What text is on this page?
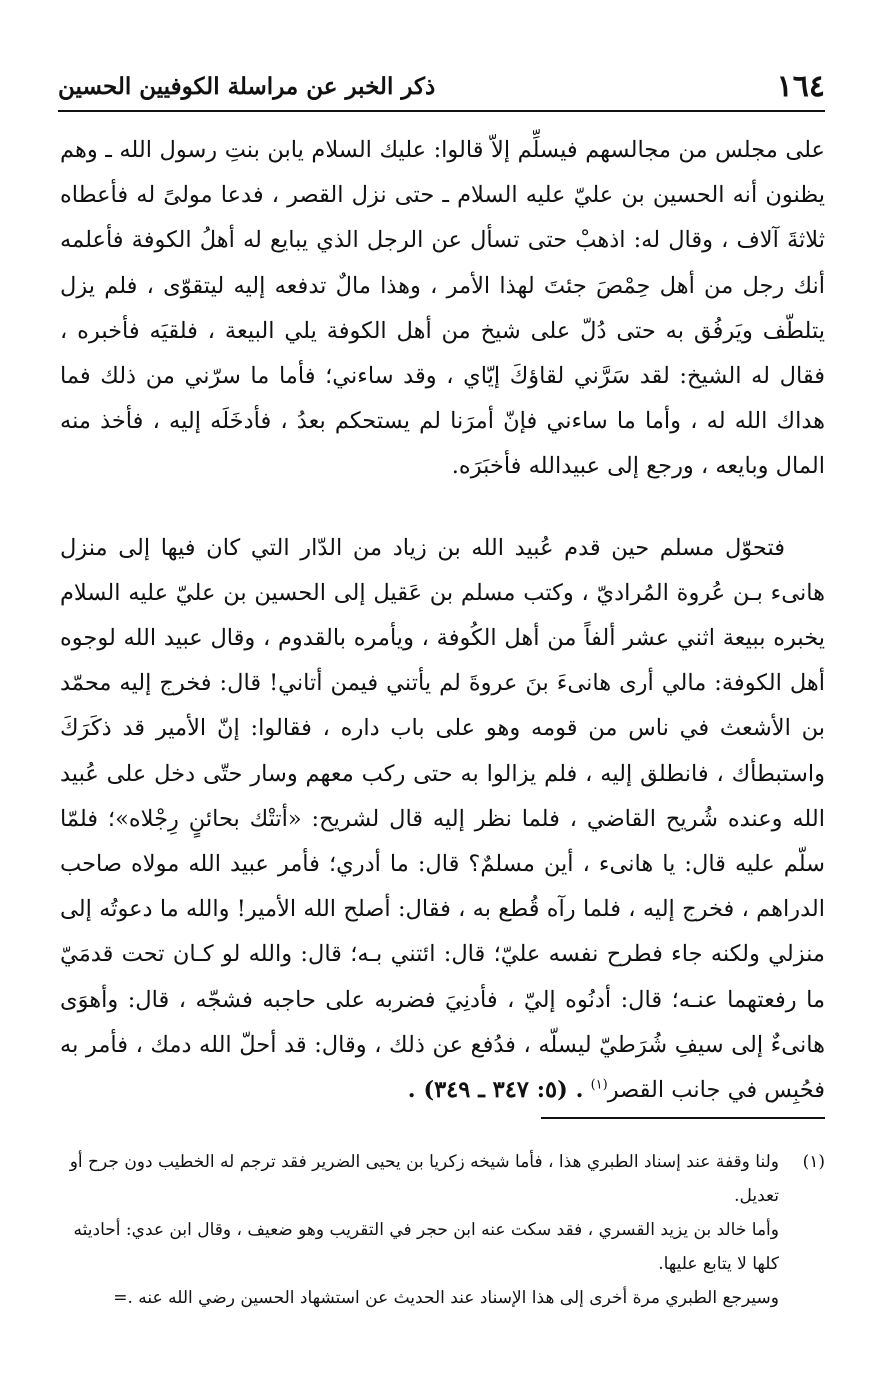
١٦٤
ذكر الخبر عن مراسلة الكوفيين الحسين

على مجلس من مجالسهم فيسلِّم إلاّ قالوا: عليك السلام يابن بنتِ رسول الله ـ وهم يظنون أنه الحسين بن عليّ عليه السلام ـ حتى نزل القصر ، فدعا مولىً له فأعطاه ثلاثةَ آلاف ، وقال له: اذهبْ حتى تسأل عن الرجل الذي يبايع له أهلُ الكوفة فأعلمه أنك رجل من أهل حِمْصَ جئتَ لهذا الأمر ، وهذا مالٌ تدفعه إليه ليتقوّى ، فلم يزل يتلطّف ويَرفُق به حتى دُلّ على شيخ من أهل الكوفة يلي البيعة ، فلقيَه فأخبره ، فقال له الشيخ: لقد سَرَّني لقاؤكَ إيّاي ، وقد ساءني؛ فأما ما سرّني من ذلك فما هداك الله له ، وأما ما ساءني فإنّ أمرَنا لم يستحكم بعدُ ، فأدخَلَه إليه ، فأخذ منه المال وبايعه ، ورجع إلى عبيدالله فأخبَرَه.

فتحوّل مسلم حين قدم عُبيد الله بن زياد من الدّار التي كان فيها إلى منزل هانىء بـن عُروة المُراديّ ، وكتب مسلم بن عَقيل إلى الحسين بن عليّ عليه السلام يخبره ببيعة اثني عشر ألفاً من أهل الكُوفة ، ويأمره بالقدوم ، وقال عبيد الله لوجوه أهل الكوفة: مالي أرى هانىءَ بنَ عروةَ لم يأتني فيمن أتاني! قال: فخرج إليه محمّد بن الأشعث في ناس من قومه وهو على باب داره ، فقالوا: إنّ الأمير قد ذكَرَكَ واستبطأك ، فانطلق إليه ، فلم يزالوا به حتى ركب معهم وسار حتّى دخل على عُبيد الله وعنده شُريح القاضي ، فلما نظر إليه قال لشريح: «أتتْك بحائنٍ رِجْلاه»؛ فلمّا سلّم عليه قال: يا هانىء ، أين مسلمٌ؟ قال: ما أدري؛ فأمر عبيد الله مولاه صاحب الدراهم ، فخرج إليه ، فلما رآه قُطع به ، فقال: أصلح الله الأمير! والله ما دعوتُه إلى منزلي ولكنه جاء فطرح نفسه عليّ؛ قال: ائتني بـه؛ قال: والله لو كـان تحت قدمَيّ ما رفعتهما عنـه؛ قال: أدنُوه إليّ ، فأدنِيَ فضربه على حاجبه فشجّه ، قال: وأهوَى هانىءٌ إلى سيفِ شُرَطيّ ليسلّه ، فدُفع عن ذلك ، وقال: قد أحلّ الله دمك ، فأمر به فحُبِس في جانب القصر$^{(١)}$ . (٥: ٣٤٧ ـ ٣٤٩) .

(١)

ولنا وقفة عند إسناد الطبري هذا ، فأما شيخه زكريا بن يحيى الضرير فقد ترجم له الخطيب دون جرح أو تعديل.
وأما خالد بن يزيد القسري ، فقد سكت عنه ابن حجر في التقريب وهو ضعيف ، وقال ابن عدي: أحاديثه كلها لا يتابع عليها.
وسيرجع الطبري مرة أخرى إلى هذا الإسناد عند الحديث عن استشهاد الحسين رضي الله عنه .=
